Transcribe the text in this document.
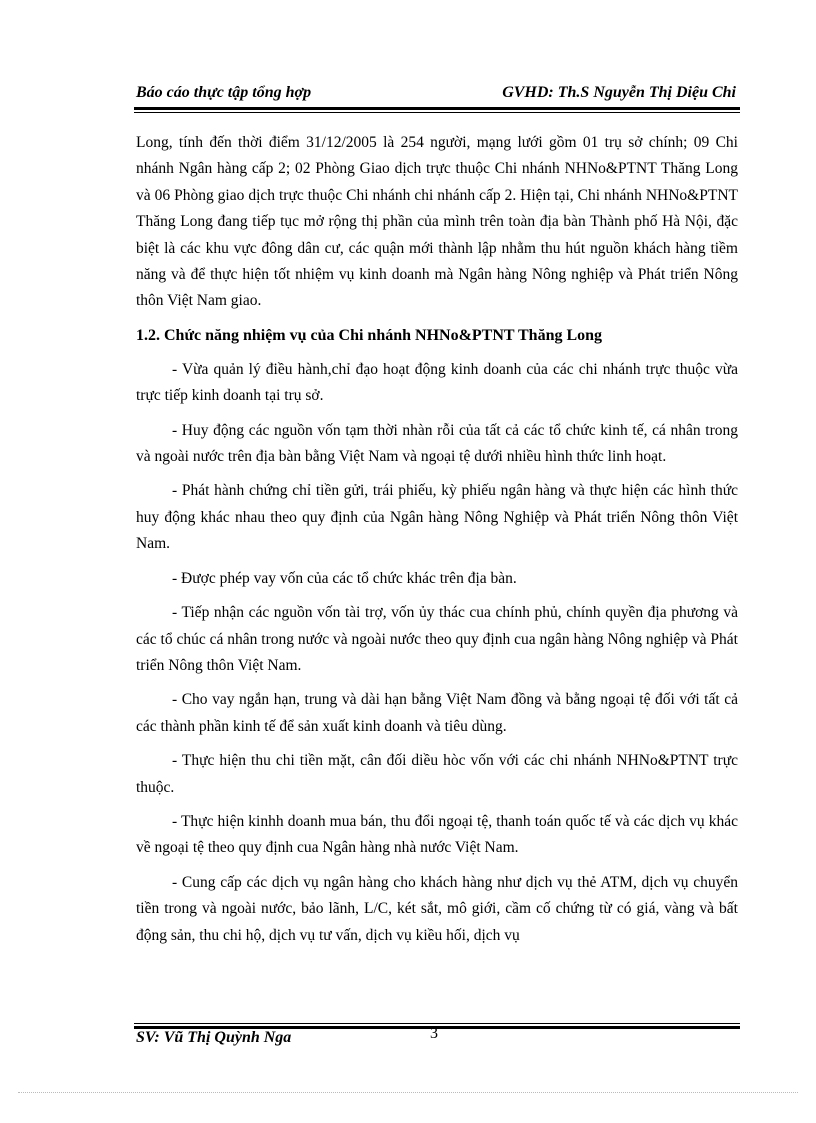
Báo cáo thực tập tổng hợp	GVHD: Th.S Nguyễn Thị Diệu Chi

Long, tính đến thời điểm 31/12/2005 là 254 người, mạng lưới gồm 01 trụ sở chính; 09 Chi nhánh Ngân hàng cấp 2; 02 Phòng Giao dịch trực thuộc Chi nhánh NHNo&PTNT Thăng Long và 06 Phòng giao dịch trực thuộc Chi nhánh chi nhánh cấp 2. Hiện tại, Chi nhánh NHNo&PTNT Thăng Long đang tiếp tục mở rộng thị phần của mình trên toàn địa bàn Thành phố Hà Nội, đặc biệt là các khu vực đông dân cư, các quận mới thành lập nhằm thu hút nguồn khách hàng tiềm năng và để thực hiện tốt nhiệm vụ kinh doanh mà Ngân hàng Nông nghiệp và Phát triển Nông thôn Việt Nam giao.

1.2. Chức năng nhiệm vụ của Chi nhánh NHNo&PTNT Thăng Long

- Vừa quản lý điều hành,chỉ đạo hoạt động kinh doanh của các chi nhánh trực thuộc vừa trực tiếp kinh doanh tại trụ sở.

- Huy động các nguồn vốn tạm thời nhàn rỗi của tất cả các tổ chức kinh tế, cá nhân trong và ngoài nước trên địa bàn bằng Việt Nam và ngoại tệ dưới nhiều hình thức linh hoạt.

- Phát hành chứng chỉ tiền gửi, trái phiếu, kỳ phiếu ngân hàng và thực hiện các hình thức huy động khác nhau theo quy định của Ngân hàng Nông Nghiệp và Phát triển Nông thôn Việt Nam.

- Được phép vay vốn của các tổ chức khác trên địa bàn.

- Tiếp nhận các nguồn vốn tài trợ, vốn ủy thác cua chính phủ, chính quyền địa phương và các tổ chúc cá nhân trong nước và ngoài nước theo quy định cua ngân hàng Nông nghiệp và Phát triển Nông thôn Việt Nam.

- Cho vay ngắn hạn, trung và dài hạn bằng Việt Nam đồng và bằng ngoại tệ đối với tất cả các thành phần kinh tế để sản xuất kinh doanh và tiêu dùng.

- Thực hiện thu chi tiền mặt, cân đối diều hòc vốn với các chi nhánh NHNo&PTNT trực thuộc.

- Thực hiện kinhh doanh mua bán, thu đổi ngoại tệ, thanh toán quốc tế và các dịch vụ khác về ngoại tệ theo quy định cua Ngân hàng nhà nước Việt Nam.

- Cung cấp các dịch vụ ngân hàng cho khách hàng như dịch vụ thẻ ATM, dịch vụ chuyển tiền trong và ngoài nước, bảo lãnh, L/C, két sắt, mô giới, cầm cố chứng từ có giá, vàng và bất động sản, thu chi hộ, dịch vụ tư vấn, dịch vụ kiều hối, dịch vụ

SV: Vũ Thị Quỳnh Nga	3
